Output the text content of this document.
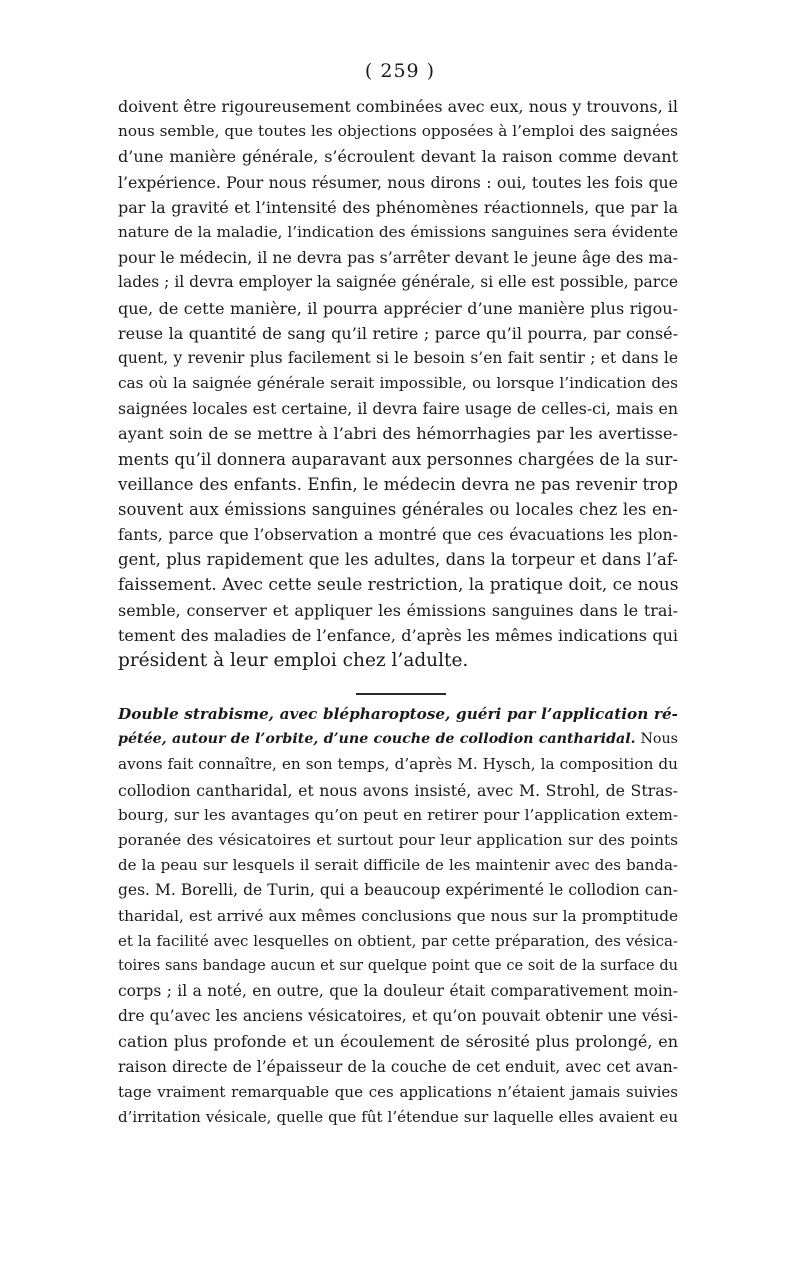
( 259 )
doivent être rigoureusement combinées avec eux, nous y trouvons, il
nous semble, que toutes les objections opposées à l’emploi des saignées
d’une manière générale, s’écroulent devant la raison comme devant
l’expérience. Pour nous résumer, nous dirons : oui, toutes les fois que
par la gravité et l’intensité des phénomènes réactionnels, que par la
nature de la maladie, l’indication des émissions sanguines sera évidente
pour le médecin, il ne devra pas s’arrêter devant le jeune âge des ma-
lades ; il devra employer la saignée générale, si elle est possible, parce
que, de cette manière, il pourra apprécier d’une manière plus rigou-
reuse la quantité de sang qu’il retire ; parce qu’il pourra, par consé-
quent, y revenir plus facilement si le besoin s’en fait sentir ; et dans le
cas où la saignée générale serait impossible, ou lorsque l’indication des
saignées locales est certaine, il devra faire usage de celles-ci, mais en
ayant soin de se mettre à l’abri des hémorrhagies par les avertisse-
ments qu’il donnera auparavant aux personnes chargées de la sur-
veillance des enfants. Enfin, le médecin devra ne pas revenir trop
souvent aux émissions sanguines générales ou locales chez les en-
fants, parce que l’observation a montré que ces évacuations les plon-
gent, plus rapidement que les adultes, dans la torpeur et dans l’af-
faissement. Avec cette seule restriction, la pratique doit, ce nous
semble, conserver et appliquer les émissions sanguines dans le trai-
tement des maladies de l’enfance, d’après les mêmes indications qui
président à leur emploi chez l’adulte.
Double strabisme, avec blépharoptose, guéri par l’application ré-
pétée, autour de l’orbite, d’une couche de collodion cantharidal. Nous
avons fait connaître, en son temps, d’après M. Hysch, la composition du
collodion cantharidal, et nous avons insisté, avec M. Strohl, de Stras-
bourg, sur les avantages qu’on peut en retirer pour l’application extem-
poranée des vésicatoires et surtout pour leur application sur des points
de la peau sur lesquels il serait difficile de les maintenir avec des banda-
ges. M. Borelli, de Turin, qui a beaucoup expérimenté le collodion can-
tharidal, est arrivé aux mêmes conclusions que nous sur la promptitude
et la facilité avec lesquelles on obtient, par cette préparation, des vésica-
toires sans bandage aucun et sur quelque point que ce soit de la surface du
corps ; il a noté, en outre, que la douleur était comparativement moin-
dre qu’avec les anciens vésicatoires, et qu’on pouvait obtenir une vési-
cation plus profonde et un écoulement de sérosité plus prolongé, en
raison directe de l’épaisseur de la couche de cet enduit, avec cet avan-
tage vraiment remarquable que ces applications n’étaient jamais suivies
d’irritation vésicale, quelle que fût l’étendue sur laquelle elles avaient eu
